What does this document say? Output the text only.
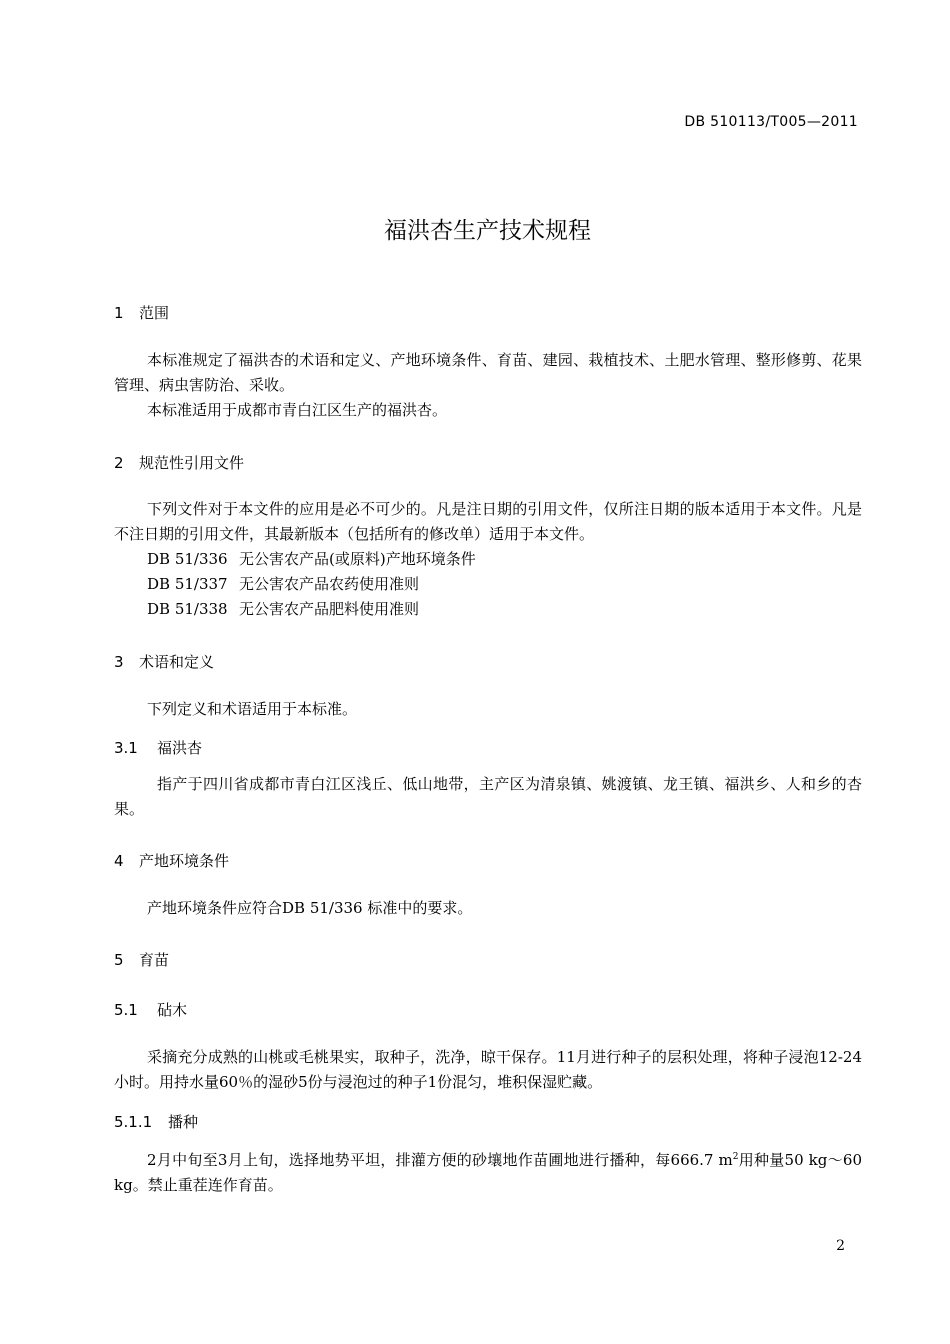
DB 510113/T005—2011
福洪杏生产技术规程
1 范围
本标准规定了福洪杏的术语和定义、产地环境条件、育苗、建园、栽植技术、土肥水管理、整形修剪、花果管理、病虫害防治、采收。
本标准适用于成都市青白江区生产的福洪杏。
2 规范性引用文件
下列文件对于本文件的应用是必不可少的。凡是注日期的引用文件，仅所注日期的版本适用于本文件。凡是不注日期的引用文件，其最新版本（包括所有的修改单）适用于本文件。
DB 51/336 无公害农产品(或原料)产地环境条件
DB 51/337 无公害农产品农药使用准则
DB 51/338 无公害农产品肥料使用准则
3 术语和定义
下列定义和术语适用于本标准。
3.1 福洪杏
指产于四川省成都市青白江区浅丘、低山地带，主产区为清泉镇、姚渡镇、龙王镇、福洪乡、人和乡的杏果。
4 产地环境条件
产地环境条件应符合DB 51/336 标准中的要求。
5 育苗
5.1 砧木
采摘充分成熟的山桃或毛桃果实，取种子，洗净，晾干保存。11月进行种子的层积处理，将种子浸泡12-24小时。用持水量60％的湿砂5份与浸泡过的种子1份混匀，堆积保湿贮藏。
5.1.1 播种
2月中旬至3月上旬，选择地势平坦，排灌方便的砂壤地作苗圃地进行播种，每666.7 $m^2$用种量50 kg～60 kg。禁止重茬连作育苗。
2
